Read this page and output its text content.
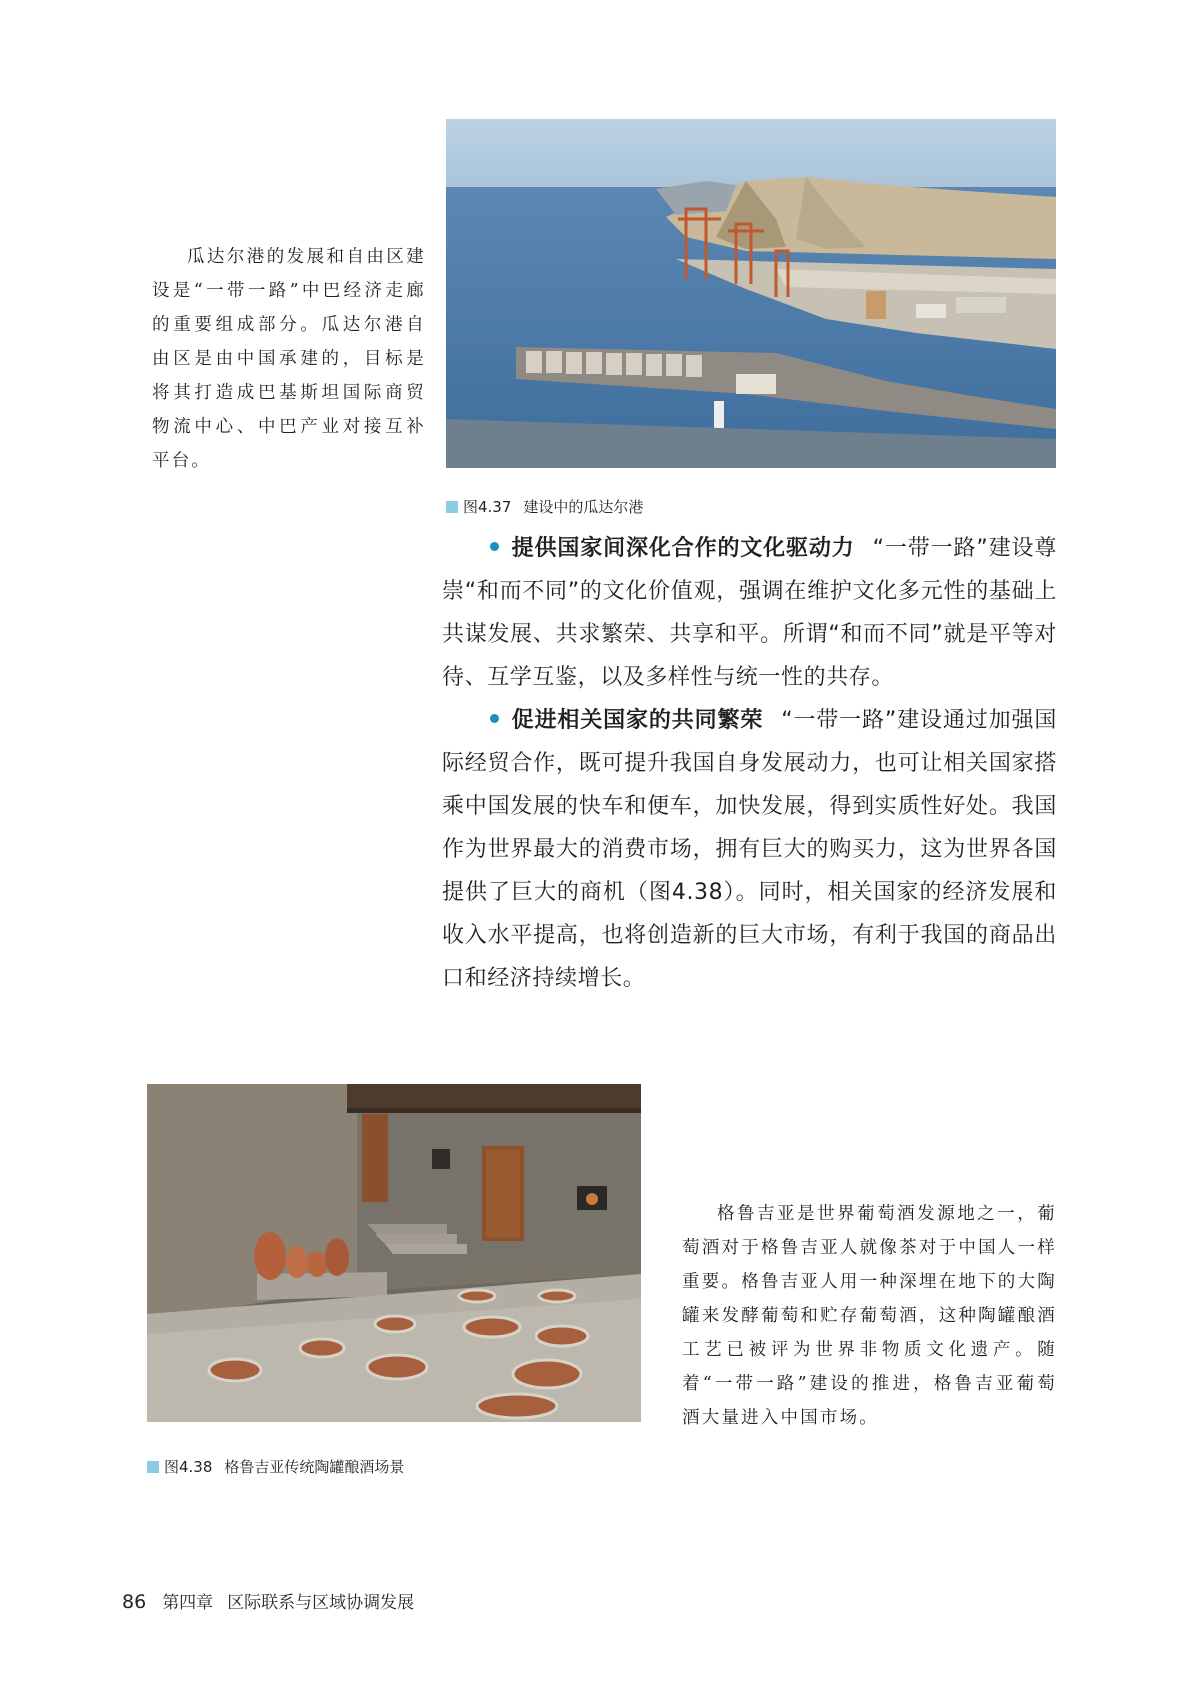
瓜达尔港的发展和自由区建设是“一带一路”中巴经济走廊的重要组成部分。瓜达尔港自由区是由中国承建的，目标是将其打造成巴基斯坦国际商贸物流中心、中巴产业对接互补平台。

图4.37 建设中的瓜达尔港

提供国家间深化合作的文化驱动力 “一带一路”建设尊崇“和而不同”的文化价值观，强调在维护文化多元性的基础上共谋发展、共求繁荣、共享和平。所谓“和而不同”就是平等对待、互学互鉴，以及多样性与统一性的共存。

促进相关国家的共同繁荣 “一带一路”建设通过加强国际经贸合作，既可提升我国自身发展动力，也可让相关国家搭乘中国发展的快车和便车，加快发展，得到实质性好处。我国作为世界最大的消费市场，拥有巨大的购买力，这为世界各国提供了巨大的商机（图4.38）。同时，相关国家的经济发展和收入水平提高，也将创造新的巨大市场，有利于我国的商品出口和经济持续增长。

图4.38 格鲁吉亚传统陶罐酿酒场景

格鲁吉亚是世界葡萄酒发源地之一，葡萄酒对于格鲁吉亚人就像茶对于中国人一样重要。格鲁吉亚人用一种深埋在地下的大陶罐来发酵葡萄和贮存葡萄酒，这种陶罐酿酒工艺已被评为世界非物质文化遗产。随着“一带一路”建设的推进，格鲁吉亚葡萄酒大量进入中国市场。

86 第四章 区际联系与区域协调发展
